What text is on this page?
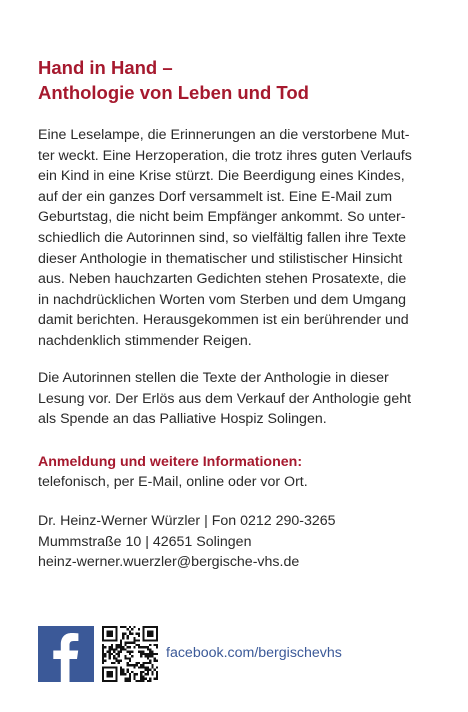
Hand in Hand –
Anthologie von Leben und Tod
Eine Leselampe, die Erinnerungen an die verstorbene Mut-
ter weckt. Eine Herzoperation, die trotz ihres guten Verlaufs
ein Kind in eine Krise stürzt. Die Beerdigung eines Kindes,
auf der ein ganzes Dorf versammelt ist. Eine E-Mail zum
Geburtstag, die nicht beim Empfänger ankommt. So unter-
schiedlich die Autorinnen sind, so vielfältig fallen ihre Texte
dieser Anthologie in thematischer und stilistischer Hinsicht
aus. Neben hauchzarten Gedichten stehen Prosatexte, die
in nachdrücklichen Worten vom Sterben und dem Umgang
damit berichten. Herausgekommen ist ein berührender und
nachdenklich stimmender Reigen.
Die Autorinnen stellen die Texte der Anthologie in dieser
Lesung vor. Der Erlös aus dem Verkauf der Anthologie geht
als Spende an das Palliative Hospiz Solingen.
Anmeldung und weitere Informationen:
telefonisch, per E-Mail, online oder vor Ort.
Dr. Heinz-Werner Würzler | Fon 0212 290-3265
Mummstraße 10 | 42651 Solingen
heinz-werner.wuerzler@bergische-vhs.de
facebook.com/bergischevhs
